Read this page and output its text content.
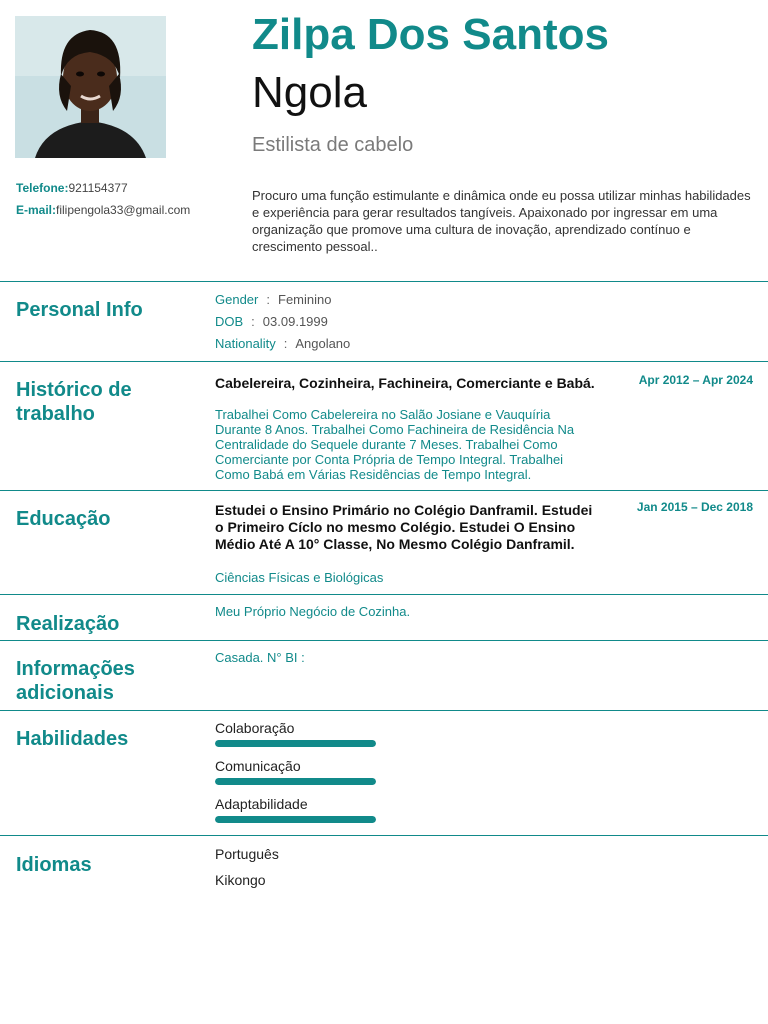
Zilpa Dos Santos
Ngola
Estilista de cabelo
Telefone:921154377
E-mail:filipengola33@gmail.com
Procuro uma função estimulante e dinâmica onde eu possa utilizar minhas habilidades e experiência para gerar resultados tangíveis. Apaixonado por ingressar em uma organização que promove uma cultura de inovação, aprendizado contínuo e crescimento pessoal..
Personal Info	Gender : Feminino
DOB : 03.09.1999
Nationality : Angolano
Histórico de trabalho
Cabelereira, Cozinheira, Fachineira, Comerciante e Babá.	Apr 2012 – Apr 2024
Trabalhei Como Cabelereira no Salão Josiane e Vauquíria Durante 8 Anos. Trabalhei Como Fachineira de Residência Na Centralidade do Sequele durante 7 Meses. Trabalhei Como Comerciante por Conta Própria de Tempo Integral. Trabalhei Como Babá em Várias Residências de Tempo Integral.
Educação	Estudei o Ensino Primário no Colégio Danframil. Estudei o Primeiro Cíclo no mesmo Colégio. Estudei O Ensino Médio Até A 10° Classe, No Mesmo Colégio Danframil.
Jan 2015 – Dec 2018
Ciências Físicas e Biológicas
Realização
Meu Próprio Negócio de Cozinha.
Informações adicionais
Casada. N° BI :
Habilidades	Colaboração
Comunicação
Adaptabilidade
Idiomas	Português
Kikongo
